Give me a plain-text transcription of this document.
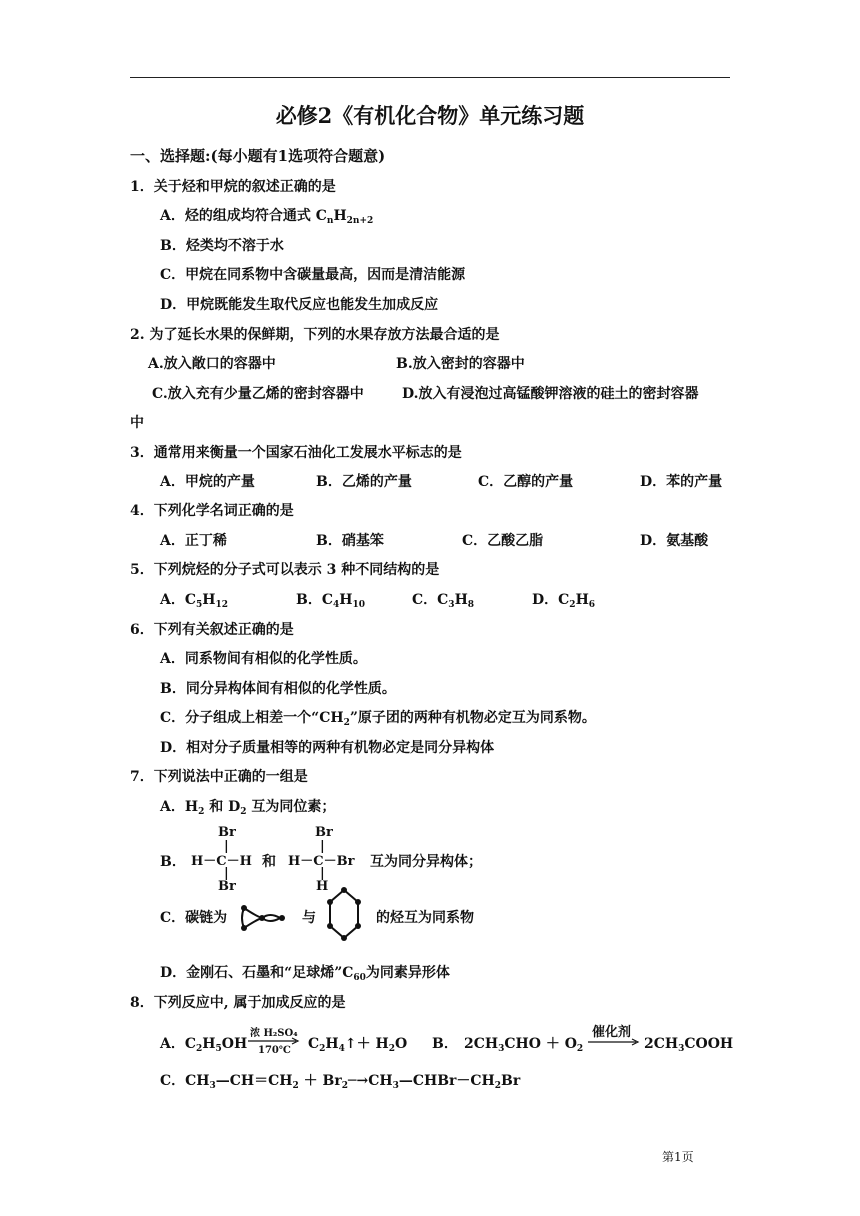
必修2《有机化合物》单元练习题
一、选择题:(每小题有1选项符合题意)
1．关于烃和甲烷的叙述正确的是
A．烃的组成均符合通式 $C_nH_{2n+2}$
B．烃类均不溶于水
C．甲烷在同系物中含碳量最高，因而是清洁能源
D．甲烷既能发生取代反应也能发生加成反应
2. 为了延长水果的保鲜期，下列的水果存放方法最合适的是
A.放入敞口的容器中	B.放入密封的容器中
C.放入充有少量乙烯的密封容器中	D.放入有浸泡过高锰酸钾溶液的硅土的密封容器
中
3．通常用来衡量一个国家石油化工发展水平标志的是
A．甲烷的产量	B．乙烯的产量	C．乙醇的产量	D．苯的产量
4．下列化学名词正确的是
A．正丁稀	B．硝基笨	C．乙酸乙脂	D．氨基酸
5．下列烷烃的分子式可以表示 3 种不同结构的是
A．$C_5H_{12}$	B．$C_4H_{10}$	C．$C_3H_8$	D．$C_2H_6$
6．下列有关叙述正确的是
A．同系物间有相似的化学性质。
B．同分异构体间有相似的化学性质。
C．分子组成上相差一个“$CH_2$”原子团的两种有机物必定互为同系物。
D．相对分子质量相等的两种有机物必定是同分异构体
7．下列说法中正确的一组是
A．$H_2$ 和 $D_2$ 互为同位素；
B．
Br
|
H－C－H
|
Br
和
Br
|
H－C－Br
|
H
互为同分异构体；
C．碳链为	与	的烃互为同系物
D．金刚石、石墨和“足球烯$”C_{60}$为同素异形体
8．下列反应中, 属于加成反应的是
A．$C_2H_5OH$
浓 H₂SO₄
170℃ $C_2H_4↑+ H_2O$ B． $2CH_3CHO + O_2$
催化剂
$2CH_3COOH$
C．$CH_3—CH=CH_2$ ＋ $Br_2─\to CH_3—CHBr-CH_2Br$
第1页
